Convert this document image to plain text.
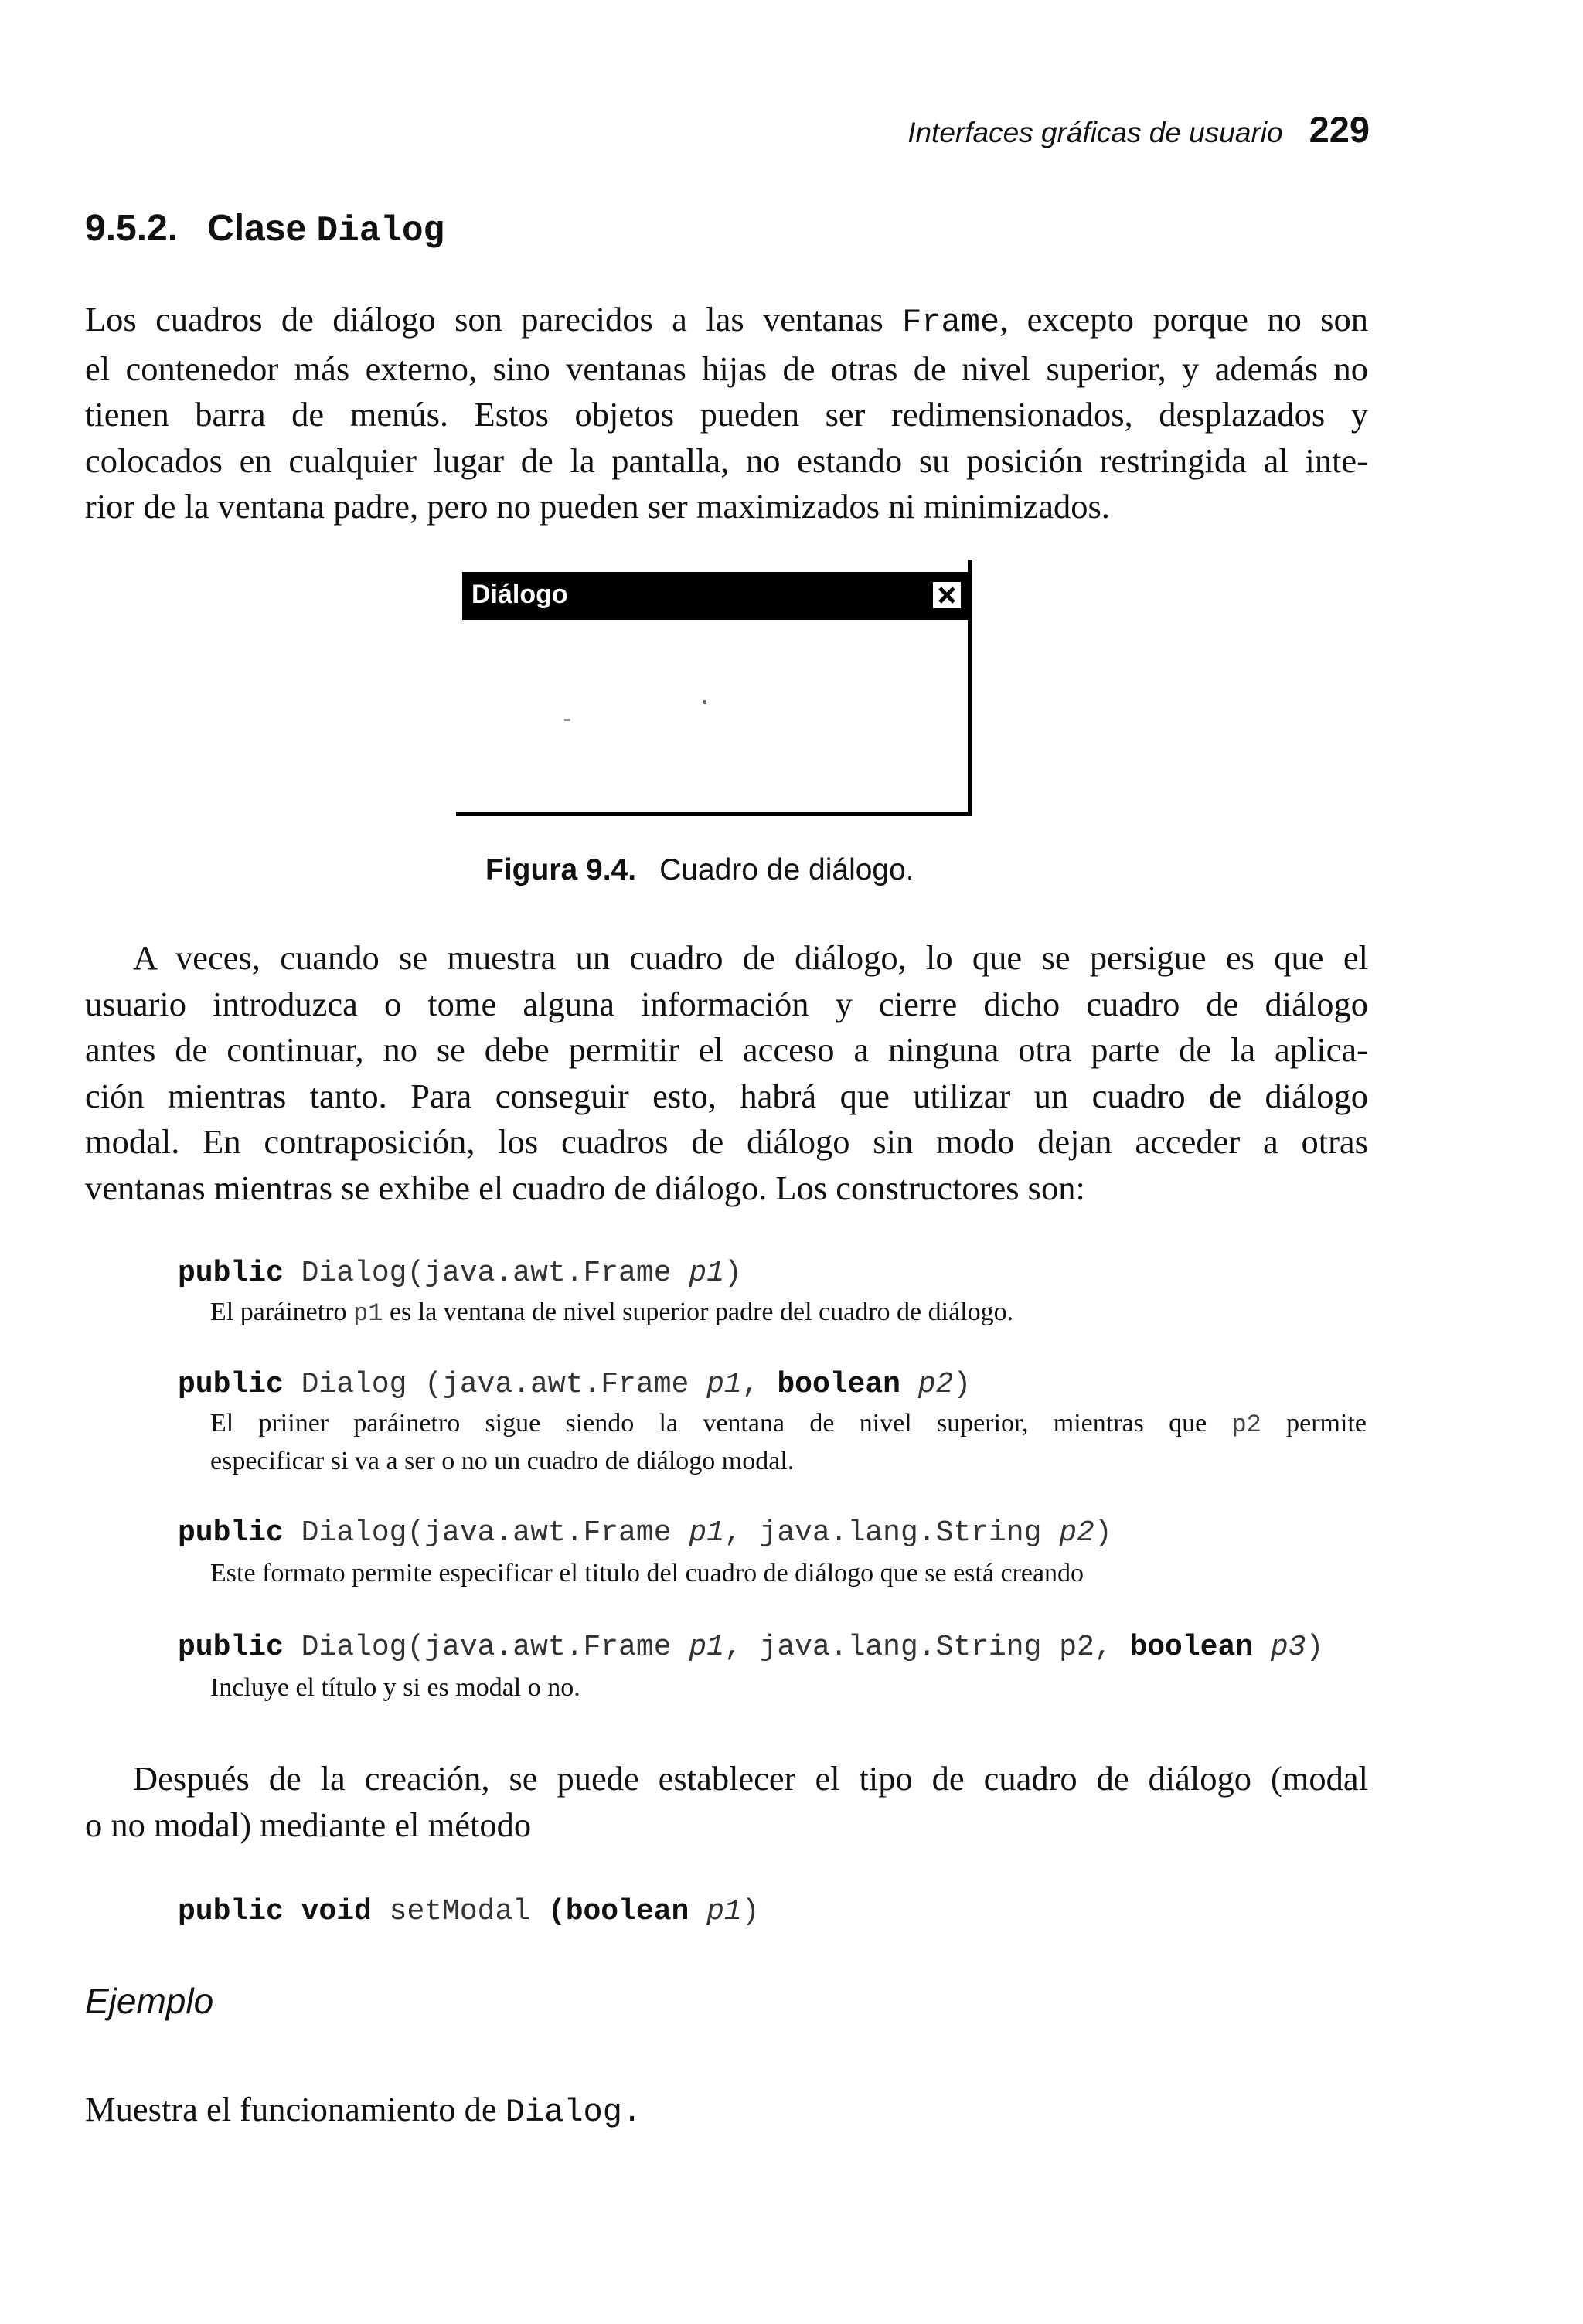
Interfaces gráficas de usuario 229
9.5.2. Clase Dialog
Los cuadros de diálogo son parecidos a las ventanas Frame, excepto porque no son
el contenedor más externo, sino ventanas hijas de otras de nivel superior, y además no
tienen barra de menús. Estos objetos pueden ser redimensionados, desplazados y
colocados en cualquier lugar de la pantalla, no estando su posición restringida al inte-
rior de la ventana padre, pero no pueden ser maximizados ni minimizados.
Diálogo
Figura 9.4. Cuadro de diálogo.
A veces, cuando se muestra un cuadro de diálogo, lo que se persigue es que el
usuario introduzca o tome alguna información y cierre dicho cuadro de diálogo
antes de continuar, no se debe permitir el acceso a ninguna otra parte de la aplica-
ción mientras tanto. Para conseguir esto, habrá que utilizar un cuadro de diálogo
modal. En contraposición, los cuadros de diálogo sin modo dejan acceder a otras
ventanas mientras se exhibe el cuadro de diálogo. Los constructores son:
public Dialog(java.awt.Frame p1)
El paráinetro p1 es la ventana de nivel superior padre del cuadro de diálogo.
public Dialog (java.awt.Frame p1, boolean p2)
El priiner paráinetro sigue siendo la ventana de nivel superior, mientras que p2 permite
especificar si va a ser o no un cuadro de diálogo modal.
public Dialog(java.awt.Frame p1, java.lang.String p2)
Este formato permite especificar el titulo del cuadro de diálogo que se está creando
public Dialog(java.awt.Frame p1, java.lang.String p2, boolean p3)
Incluye el título y si es modal o no.
Después de la creación, se puede establecer el tipo de cuadro de diálogo (modal
o no modal) mediante el método
public void setModal (boolean p1)
Ejemplo
Muestra el funcionamiento de Dialog.
